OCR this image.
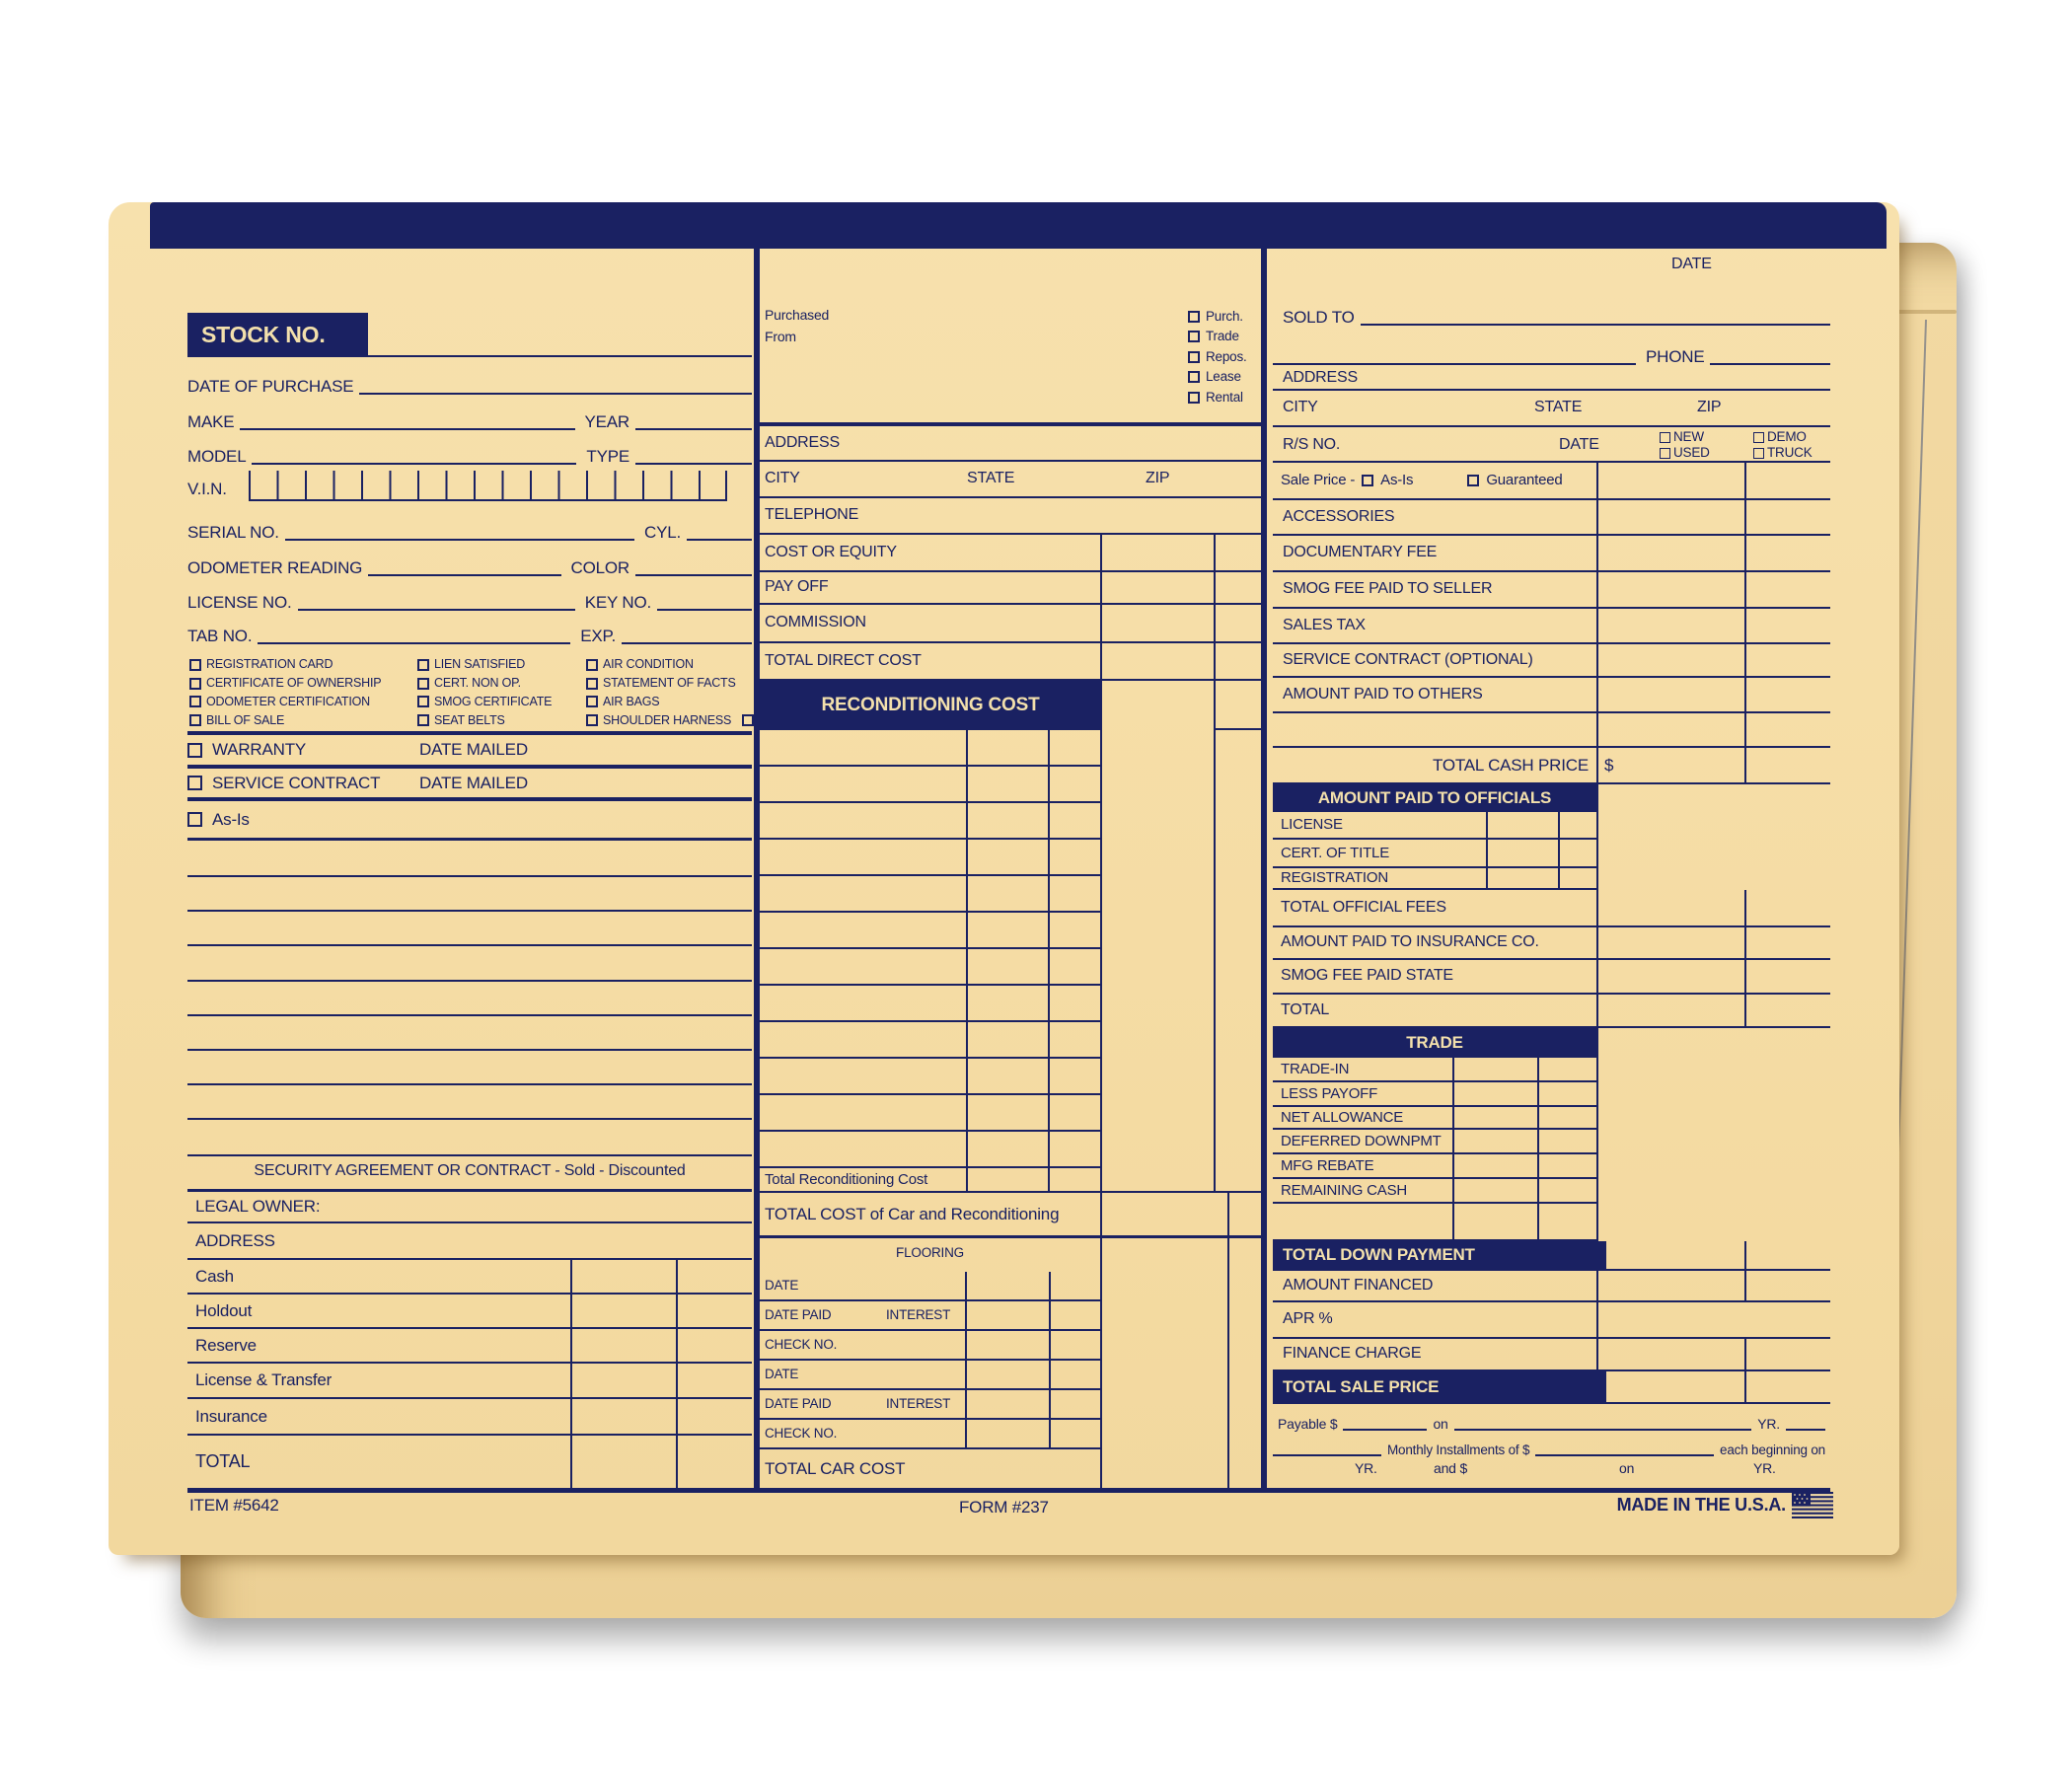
STOCK NO.
DATE OF PURCHASE
MAKE	YEAR
MODEL	TYPE
V.I.N.
SERIAL NO.	CYL.
ODOMETER READING	COLOR
LICENSE NO.	KEY NO.
TAB NO.	EXP.
REGISTRATION CARD
CERTIFICATE OF OWNERSHIP
ODOMETER CERTIFICATION
BILL OF SALE
LIEN SATISFIED
CERT. NON OP.
SMOG CERTIFICATE
SEAT BELTS
AIR CONDITION
STATEMENT OF FACTS
AIR BAGS
SHOULDER HARNESS
WARRANTY	DATE MAILED
SERVICE CONTRACT DATE MAILED
As-Is
SECURITY AGREEMENT OR CONTRACT - Sold - Discounted
LEGAL OWNER:
ADDRESS
Cash
Holdout
Reserve
License & Transfer
Insurance
TOTAL
Purchased
From
Purch.
Trade
Repos.
Lease
Rental
ADDRESS
CITY	STATE	ZIP
TELEPHONE
COST OR EQUITY
PAY OFF
COMMISSION
TOTAL DIRECT COST
RECONDITIONING COST
Total Reconditioning Cost
TOTAL COST of Car and Reconditioning
FLOORING
DATE
DATE PAID	INTEREST
CHECK NO.
DATE
DATE PAID	INTEREST
CHECK NO.
TOTAL CAR COST
DATE
SOLD TO
PHONE
ADDRESS
CITY	STATE	ZIP
R/S NO.	DATE	NEW
USED
DEMO
TRUCK
Sale Price - As-Is	Guaranteed
ACCESSORIES
DOCUMENTARY FEE
SMOG FEE PAID TO SELLER
SALES TAX
SERVICE CONTRACT (OPTIONAL)
AMOUNT PAID TO OTHERS
TOTAL CASH PRICE $
AMOUNT PAID TO OFFICIALS
LICENSE
CERT. OF TITLE
REGISTRATION
TOTAL OFFICIAL FEES
AMOUNT PAID TO INSURANCE CO.
SMOG FEE PAID STATE
TOTAL
TRADE
TRADE-IN
LESS PAYOFF
NET ALLOWANCE
DEFERRED DOWNPMT
MFG REBATE
REMAINING CASH
TOTAL DOWN PAYMENT
AMOUNT FINANCED
APR %
FINANCE CHARGE
TOTAL SALE PRICE
Payable $	on	YR.
Monthly Installments of $	each beginning on
YR.	and $	on	YR.
ITEM #5642	FORM #237	MADE IN THE U.S.A.
